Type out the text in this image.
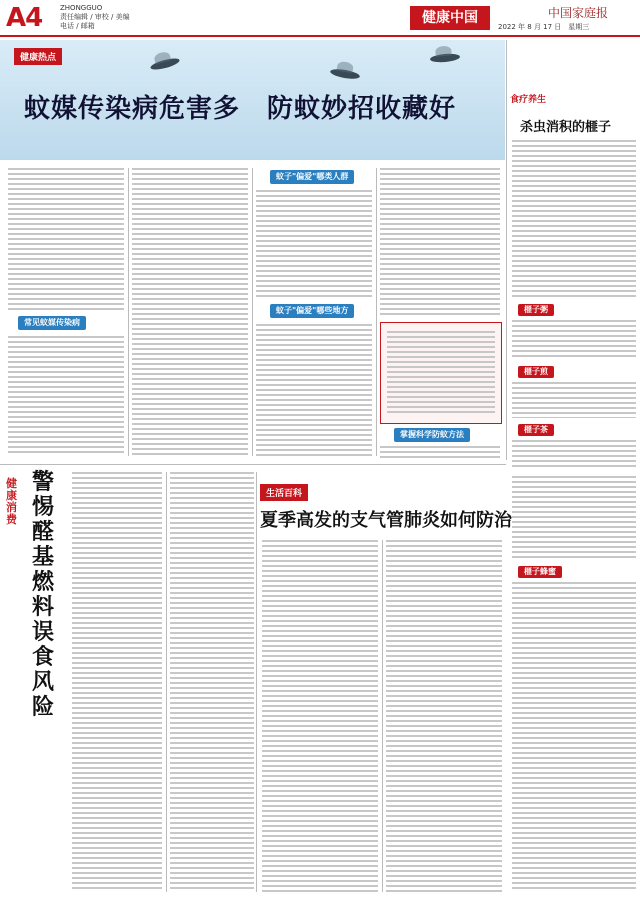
A4	ZHONGGUO
责任编辑 / 审校 / 美编
电话 / 邮箱	健康中国	中国家庭报
2022 年 8 月 17 日　星期三
健康热点
蚊媒传染病危害多　防蚊妙招收藏好
常见蚊媒传染病
蚊子"偏爱"哪类人群
蚊子"偏爱"哪些地方
掌握科学防蚊方法
食疗养生
杀虫消积的榧子
榧子粥
榧子煎
榧子茶
榧子蜂蜜
健康消费
警惕醛基燃料误食风险
生活百科
夏季高发的支气管肺炎如何防治
